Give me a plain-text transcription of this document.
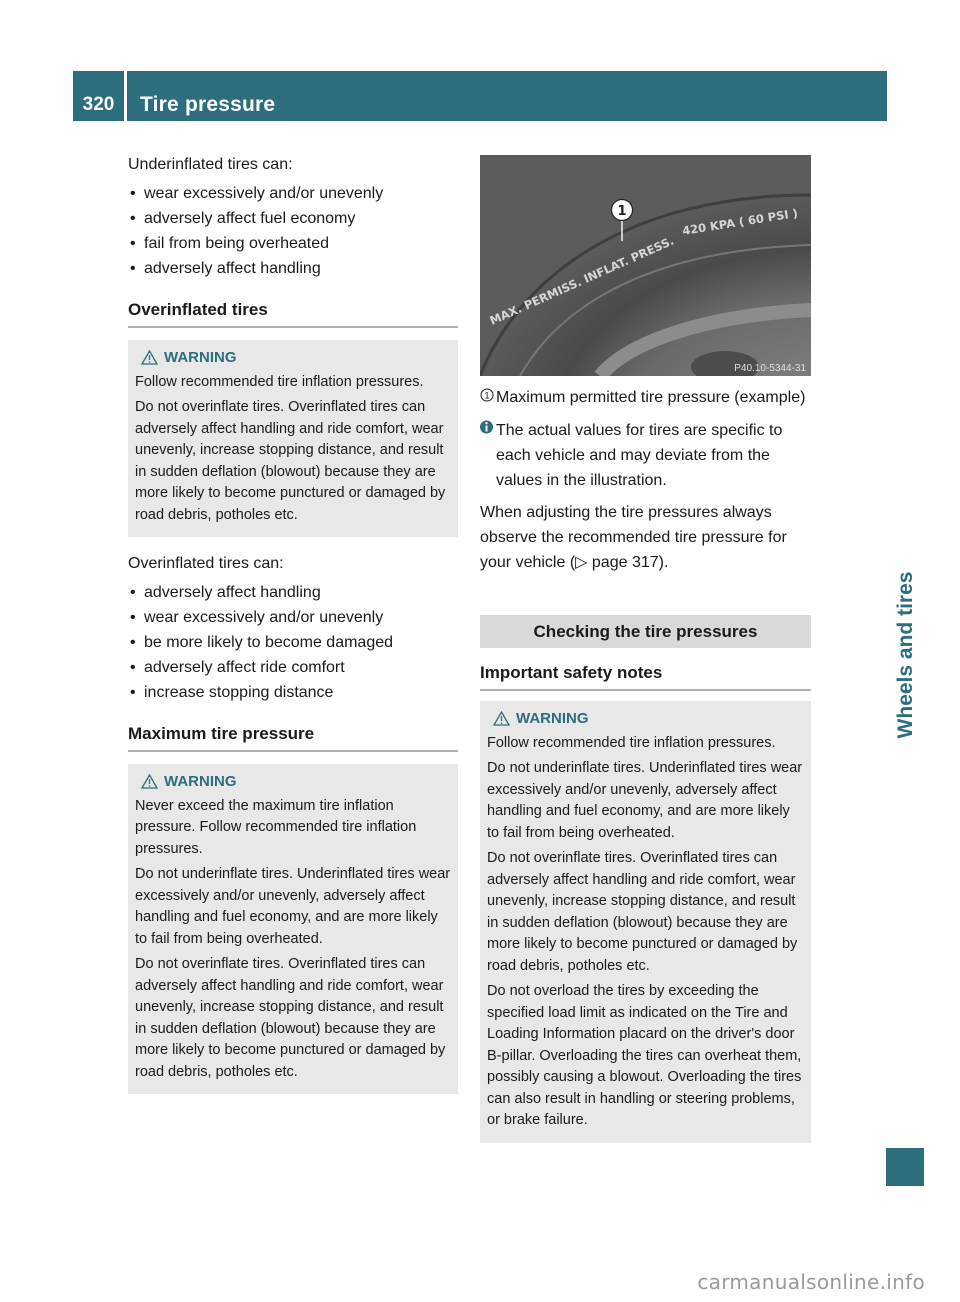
320	Tire pressure
Wheels and tires

Underinflated tires can:

• wear excessively and/or unevenly
• adversely affect fuel economy
• fail from being overheated
• adversely affect handling
Overinflated tires
WARNING

Follow recommended tire inflation pressures.

Do not overinflate tires. Overinflated tires can adversely affect handling and ride comfort, wear unevenly, increase stopping distance, and result in sudden deflation (blowout) because they are more likely to become punctured or damaged by road debris, potholes etc.

Overinflated tires can:

• adversely affect handling
• wear excessively and/or unevenly
• be more likely to become damaged
• adversely affect ride comfort
• increase stopping distance
Maximum tire pressure
WARNING

Never exceed the maximum tire inflation pressure. Follow recommended tire inflation pressures.

Do not underinflate tires. Underinflated tires wear excessively and/or unevenly, adversely affect handling and fuel economy, and are more likely to fail from being overheated.

Do not overinflate tires. Overinflated tires can adversely affect handling and ride comfort, wear unevenly, increase stopping distance, and result in sudden deflation (blowout) because they are more likely to become punctured or damaged by road debris, potholes etc.

MAX. PERMISS. INFLAT. PRESS.
420 KPA ( 60 PSI )
1
P40.10-5344-31
1 Maximum permitted tire pressure (example)
The actual values for tires are specific to each vehicle and may deviate from the values in the illustration.

When adjusting the tire pressures always observe the recommended tire pressure for your vehicle (▷ page 317).

Checking the tire pressures
Important safety notes
WARNING

Follow recommended tire inflation pressures.

Do not underinflate tires. Underinflated tires wear excessively and/or unevenly, adversely affect handling and fuel economy, and are more likely to fail from being overheated.

Do not overinflate tires. Overinflated tires can adversely affect handling and ride comfort, wear unevenly, increase stopping distance, and result in sudden deflation (blowout) because they are more likely to become punctured or damaged by road debris, potholes etc.

Do not overload the tires by exceeding the specified load limit as indicated on the Tire and Loading Information placard on the driver's door B-pillar. Overloading the tires can overheat them, possibly causing a blowout. Overloading the tires can also result in handling or steering problems, or brake failure.

carmanualsonline.info
